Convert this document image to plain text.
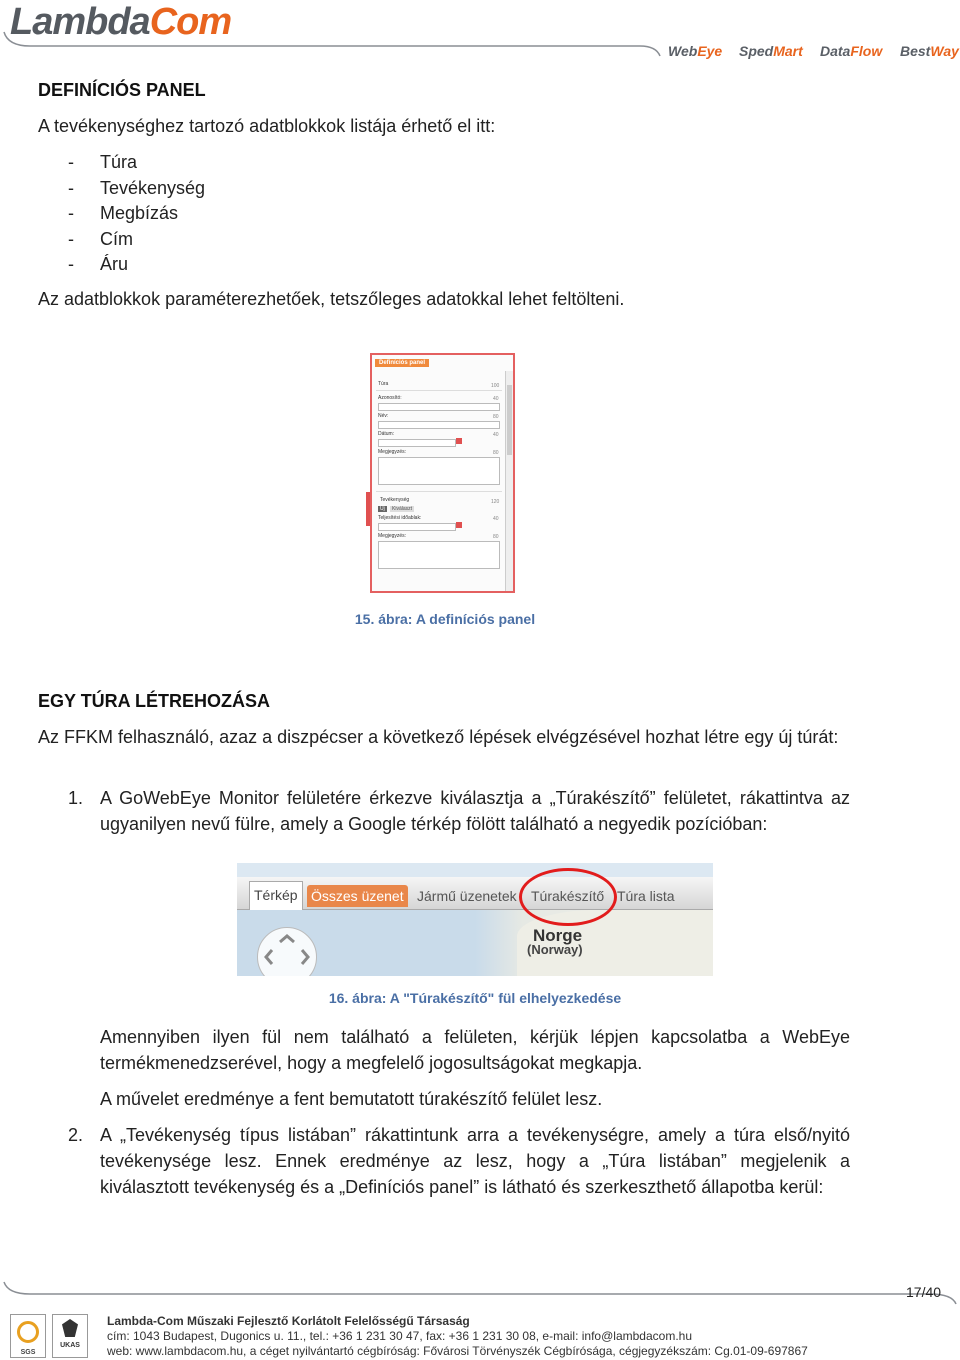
LambdaCom
WebEye SpedMart DataFlow BestWay
DEFINÍCIÓS PANEL
A tevékenységhez tartozó adatblokkok listája érhető el itt:
- Túra
- Tevékenység
- Megbízás
- Cím
- Áru
Az adatblokkok paraméterezhetőek, tetszőleges adatokkal lehet feltölteni.
Definíciós panel
Túra	100
Azonosító:	40
Név:	80
Dátum:	40
Megjegyzés:	80
Tevékenység	120
Új	Kiválaszt
Teljesítési időablak:	40
Megjegyzés:	80
15. ábra: A definíciós panel
EGY TÚRA LÉTREHOZÁSA
Az FFKM felhasználó, azaz a diszpécser a következő lépések elvégzésével hozhat létre egy új túrát:
1. A GoWebEye Monitor felületére érkezve kiválasztja a „Túrakészítő” felületet, rákattintva az ugyanilyen nevű fülre, amely a Google térkép fölött található a negyedik pozícióban:
Térkép Összes üzenet Jármű üzenetek Túrakészítő Túra lista
Norge
(Norway)
16. ábra: A "Túrakészítő" fül elhelyezkedése
Amennyiben ilyen fül nem található a felületen, kérjük lépjen kapcsolatba a WebEye termékmenedzserével, hogy a megfelelő jogosultságokat megkapja.
A művelet eredménye a fent bemutatott túrakészítő felület lesz.
2. A „Tevékenység típus listában” rákattintunk arra a tevékenységre, amely a túra első/nyitó tevékenysége lesz. Ennek eredménye az lesz, hogy a „Túra listában” megjelenik a kiválasztott tevékenység és a „Definíciós panel” is látható és szerkeszthető állapotba kerül:
17/40
SGS
UKAS
Lambda-Com Műszaki Fejlesztő Korlátolt Felelősségű Társaság
cím: 1043 Budapest, Dugonics u. 11., tel.: +36 1 231 30 47, fax: +36 1 231 30 08, e-mail: info@lambdacom.hu
web: www.lambdacom.hu, a céget nyilvántartó cégbíróság: Fővárosi Törvényszék Cégbírósága, cégjegyzékszám: Cg.01-09-697867
